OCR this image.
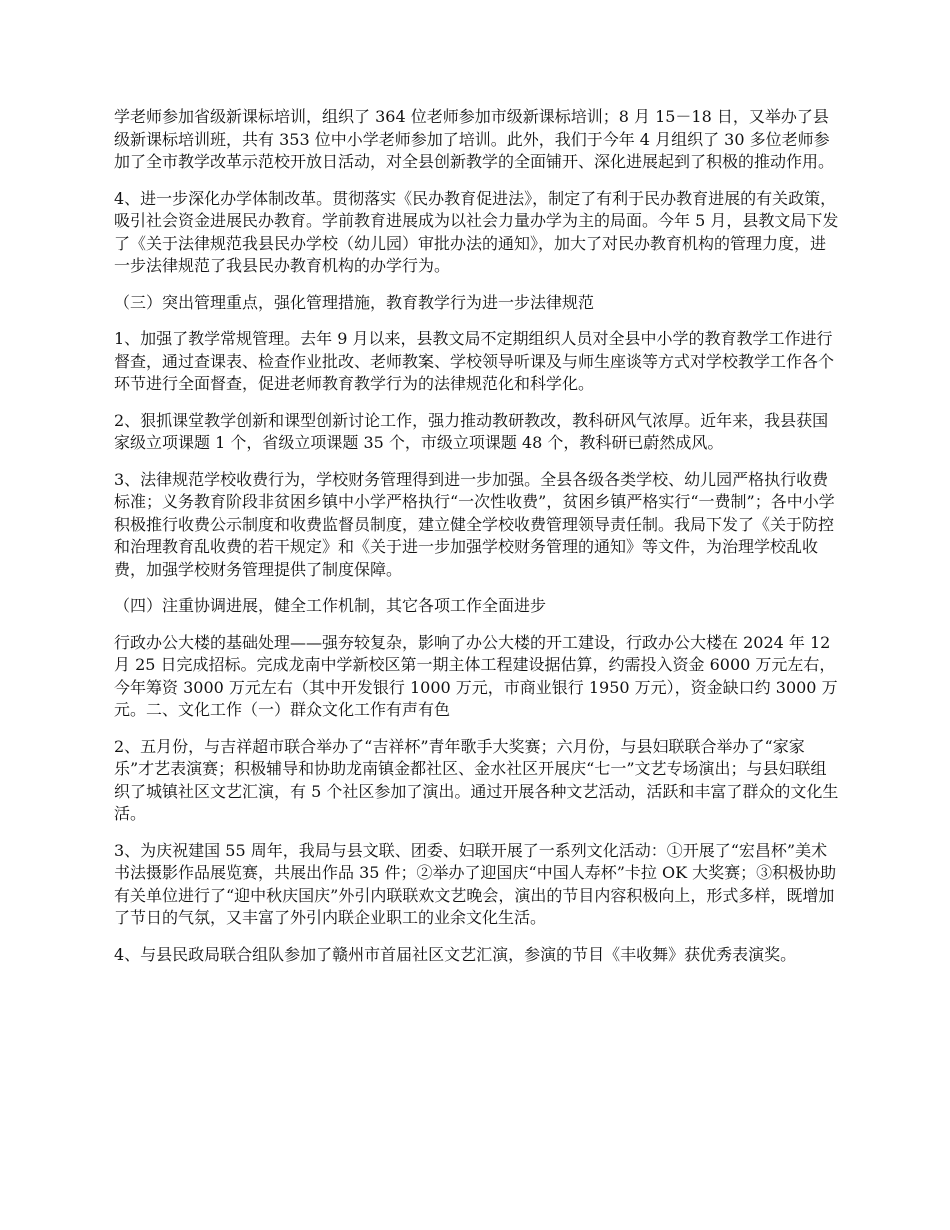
学老师参加省级新课标培训，组织了 364 位老师参加市级新课标培训；8 月 15－18 日，又举办了县级新课标培训班，共有 353 位中小学老师参加了培训。此外，我们于今年 4 月组织了 30 多位老师参加了全市教学改革示范校开放日活动，对全县创新教学的全面铺开、深化进展起到了积极的推动作用。

4、进一步深化办学体制改革。贯彻落实《民办教育促进法》，制定了有利于民办教育进展的有关政策，吸引社会资金进展民办教育。学前教育进展成为以社会力量办学为主的局面。今年 5 月，县教文局下发了《关于法律规范我县民办学校（幼儿园）审批办法的通知》，加大了对民办教育机构的管理力度，进一步法律规范了我县民办教育机构的办学行为。

（三）突出管理重点，强化管理措施，教育教学行为进一步法律规范

1、加强了教学常规管理。去年 9 月以来，县教文局不定期组织人员对全县中小学的教育教学工作进行督查，通过查课表、检查作业批改、老师教案、学校领导听课及与师生座谈等方式对学校教学工作各个环节进行全面督查，促进老师教育教学行为的法律规范化和科学化。

2、狠抓课堂教学创新和课型创新讨论工作，强力推动教研教改，教科研风气浓厚。近年来，我县获国家级立项课题 1 个，省级立项课题 35 个，市级立项课题 48 个，教科研已蔚然成风。

3、法律规范学校收费行为，学校财务管理得到进一步加强。全县各级各类学校、幼儿园严格执行收费标准；义务教育阶段非贫困乡镇中小学严格执行“一次性收费”，贫困乡镇严格实行“一费制”；各中小学积极推行收费公示制度和收费监督员制度，建立健全学校收费管理领导责任制。我局下发了《关于防控和治理教育乱收费的若干规定》和《关于进一步加强学校财务管理的通知》等文件，为治理学校乱收费，加强学校财务管理提供了制度保障。

（四）注重协调进展，健全工作机制，其它各项工作全面进步

行政办公大楼的基础处理——强夯较复杂，影响了办公大楼的开工建设，行政办公大楼在 2024 年 12 月 25 日完成招标。完成龙南中学新校区第一期主体工程建设据估算，约需投入资金 6000 万元左右，今年筹资 3000 万元左右（其中开发银行 1000 万元，市商业银行 1950 万元），资金缺口约 3000 万元。二、文化工作（一）群众文化工作有声有色

2、五月份，与吉祥超市联合举办了“吉祥杯”青年歌手大奖赛；六月份，与县妇联联合举办了“家家乐”才艺表演赛；积极辅导和协助龙南镇金都社区、金水社区开展庆“七一”文艺专场演出；与县妇联组织了城镇社区文艺汇演，有 5 个社区参加了演出。通过开展各种文艺活动，活跃和丰富了群众的文化生活。

3、为庆祝建国 55 周年，我局与县文联、团委、妇联开展了一系列文化活动：①开展了“宏昌杯”美术书法摄影作品展览赛，共展出作品 35 件；②举办了迎国庆“中国人寿杯”卡拉 OK 大奖赛；③积极协助有关单位进行了“迎中秋庆国庆”外引内联联欢文艺晚会，演出的节目内容积极向上，形式多样，既增加了节日的气氛，又丰富了外引内联企业职工的业余文化生活。

4、与县民政局联合组队参加了赣州市首届社区文艺汇演，参演的节目《丰收舞》获优秀表演奖。
